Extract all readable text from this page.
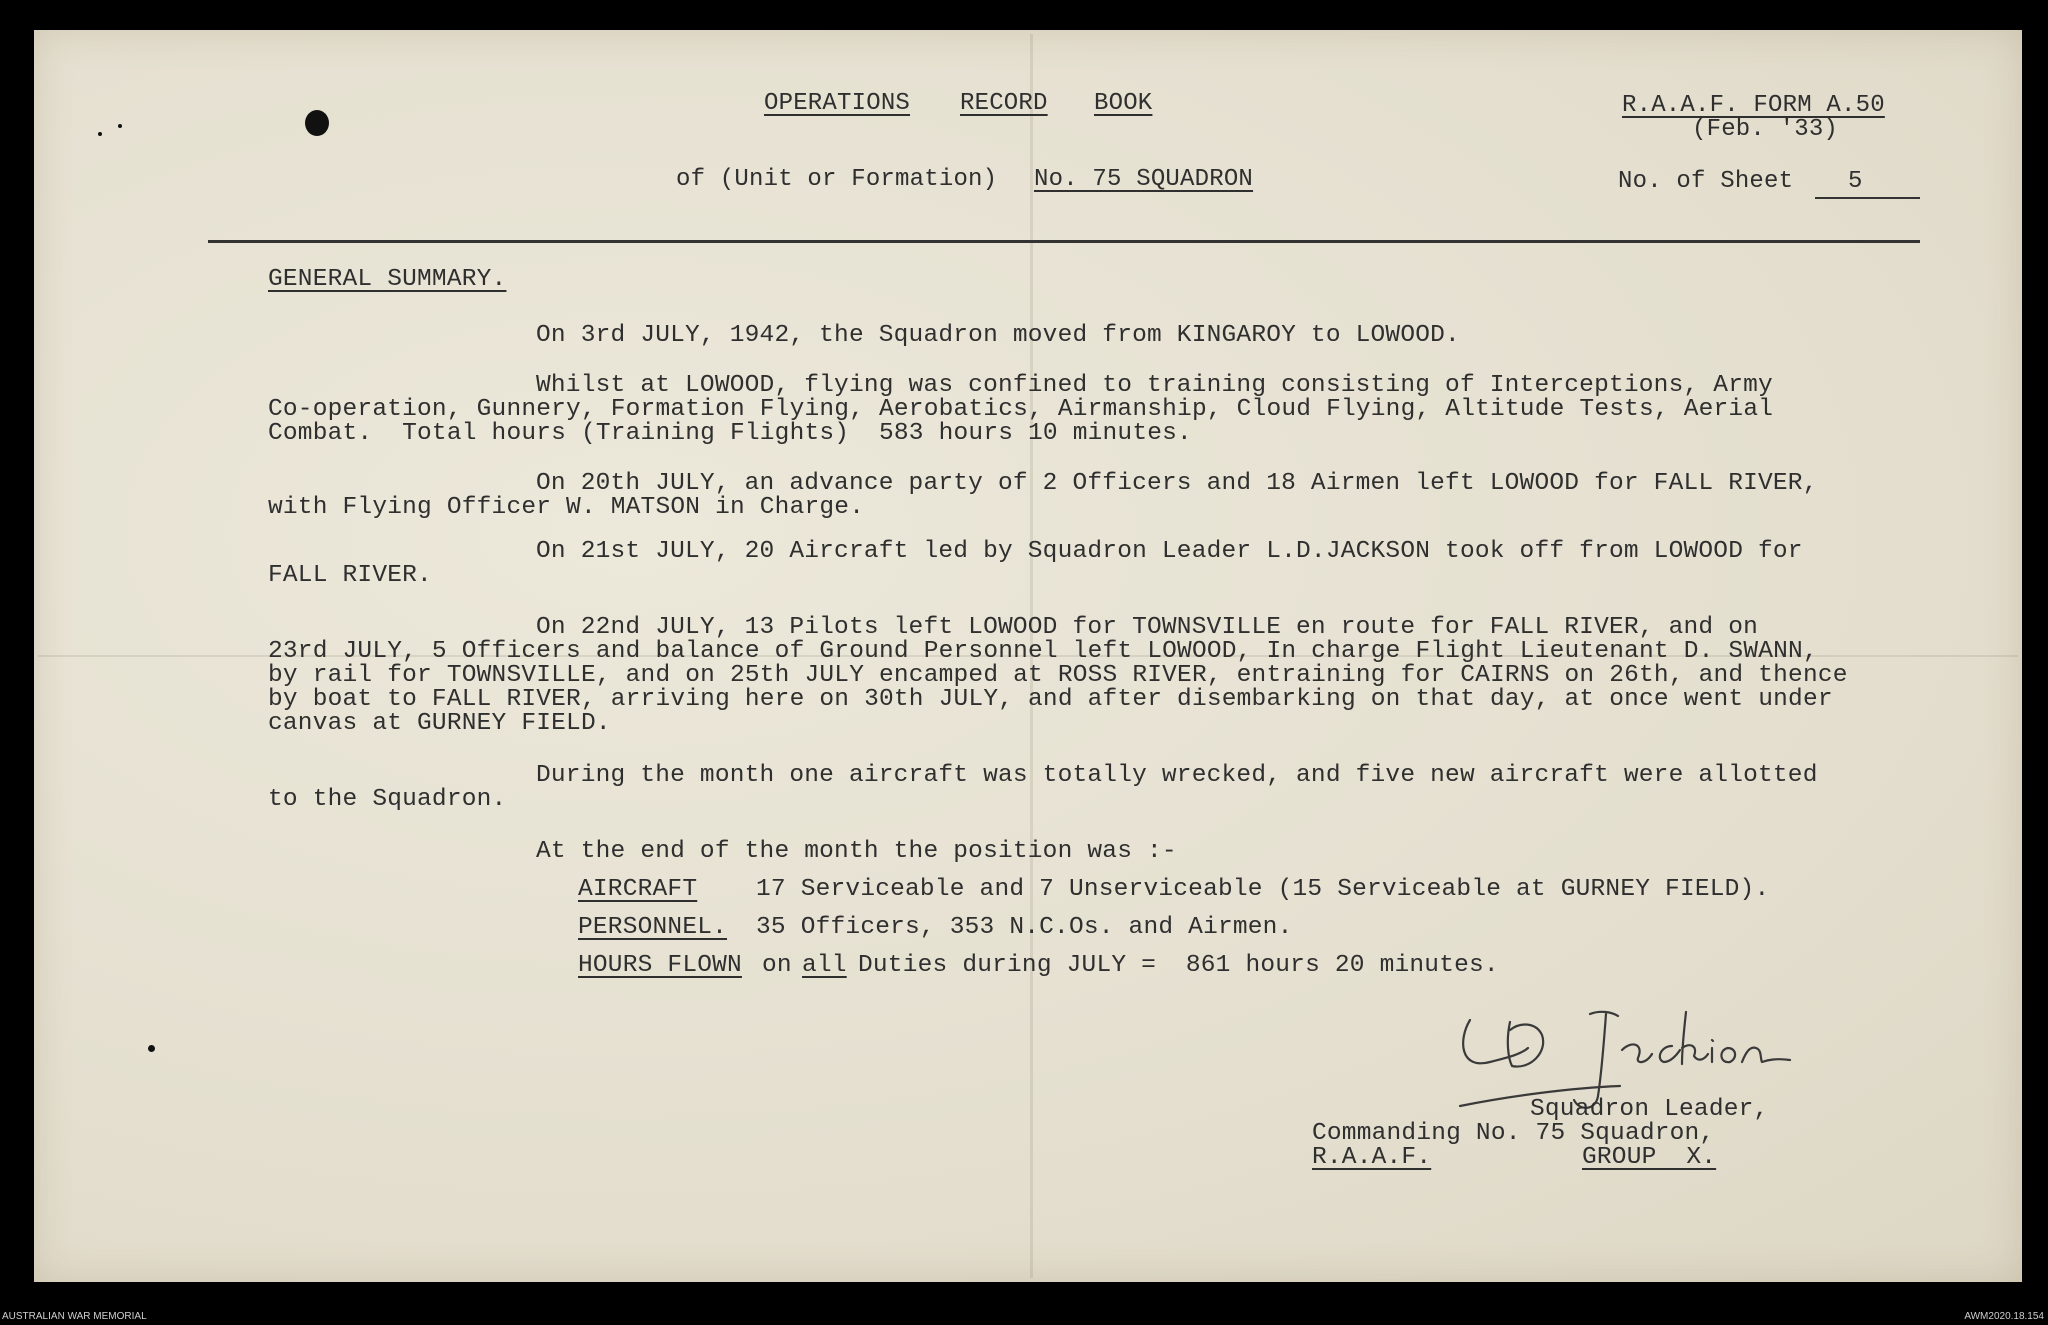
OPERATIONS RECORD BOOK	R.A.A.F. FORM A.50
(Feb. '33)
of (Unit or Formation) No. 75 SQUADRON	No. of Sheet 5
GENERAL SUMMARY.
On 3rd JULY, 1942, the Squadron moved from KINGAROY to LOWOOD.
Whilst at LOWOOD, flying was confined to training consisting of Interceptions, Army
Co-operation, Gunnery, Formation Flying, Aerobatics, Airmanship, Cloud Flying, Altitude Tests, Aerial
Combat.  Total hours (Training Flights)  583 hours 10 minutes.
On 20th JULY, an advance party of 2 Officers and 18 Airmen left LOWOOD for FALL RIVER,
with Flying Officer W. MATSON in Charge.
On 21st JULY, 20 Aircraft led by Squadron Leader L.D.JACKSON took off from LOWOOD for
FALL RIVER.
On 22nd JULY, 13 Pilots left LOWOOD for TOWNSVILLE en route for FALL RIVER, and on
23rd JULY, 5 Officers and balance of Ground Personnel left LOWOOD, In charge Flight Lieutenant D. SWANN,
by rail for TOWNSVILLE, and on 25th JULY encamped at ROSS RIVER, entraining for CAIRNS on 26th, and thence
by boat to FALL RIVER, arriving here on 30th JULY, and after disembarking on that day, at once went under
canvas at GURNEY FIELD.
During the month one aircraft was totally wrecked, and five new aircraft were allotted
to the Squadron.
At the end of the month the position was :-
AIRCRAFT 17 Serviceable and 7 Unserviceable (15 Serviceable at GURNEY FIELD).
PERSONNEL. 35 Officers, 353 N.C.Os. and Airmen.
HOURS FLOWN on all Duties during JULY =  861 hours 20 minutes.
LDJackson
Squadron Leader,
Commanding No. 75 Squadron,
R.A.A.F.	GROUP  X.
AUSTRALIAN WAR MEMORIAL	AWM2020.18.154
